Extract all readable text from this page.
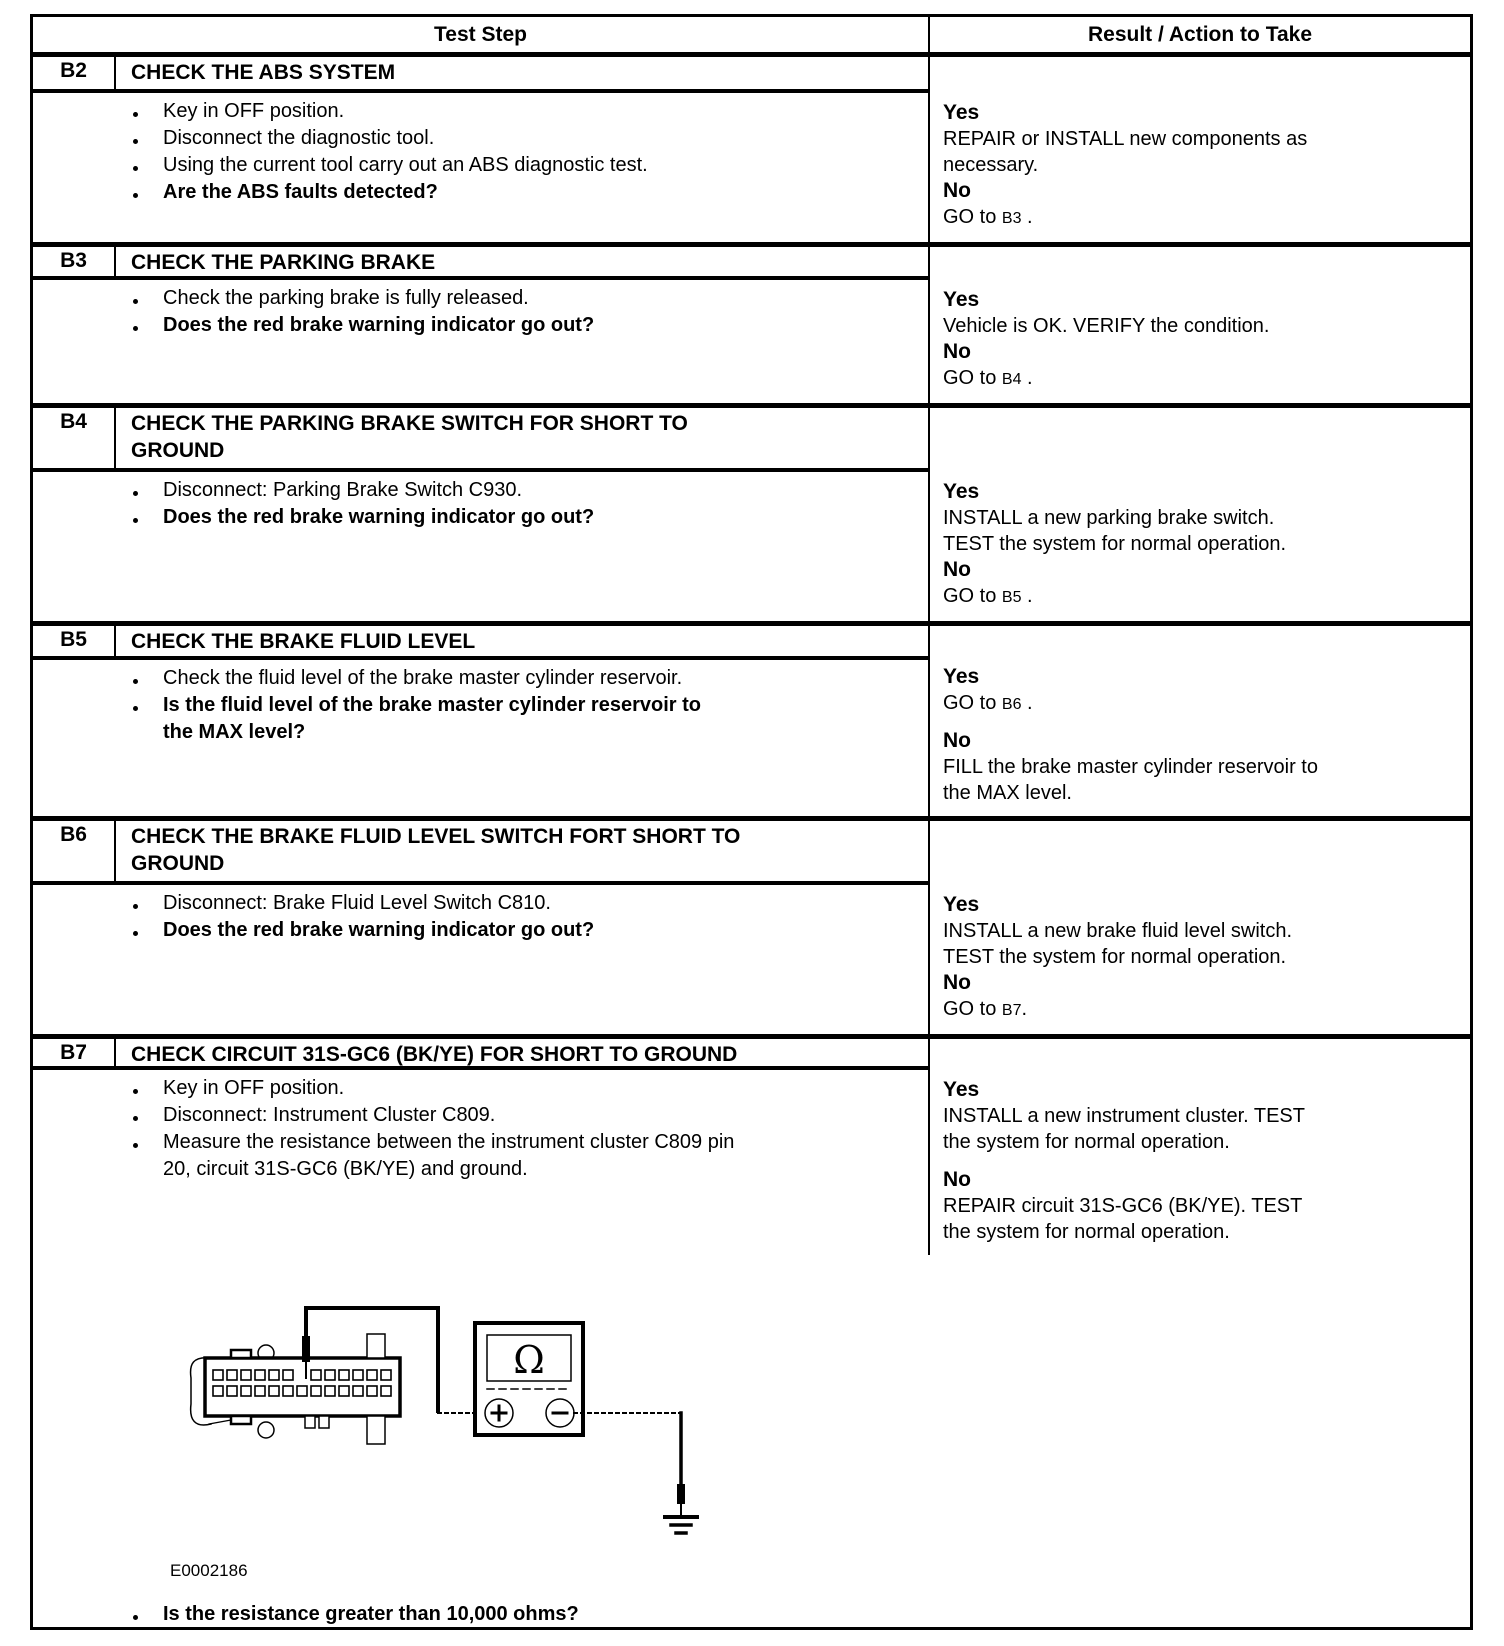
Test Step	Result / Action to Take
B2	CHECK THE ABS SYSTEM
Key in OFF position.
Disconnect the diagnostic tool.
Using the current tool carry out an ABS diagnostic test.
Are the ABS faults detected?
Yes
REPAIR or INSTALL new components as
necessary.
No
GO to B3 .
B3	CHECK THE PARKING BRAKE
Check the parking brake is fully released.
Does the red brake warning indicator go out?
Yes
Vehicle is OK. VERIFY the condition.
No
GO to B4 .
B4	CHECK THE PARKING BRAKE SWITCH FOR SHORT TO
GROUND
Disconnect: Parking Brake Switch C930.
Does the red brake warning indicator go out?
Yes
INSTALL a new parking brake switch.
TEST the system for normal operation.
No
GO to B5 .
B5	CHECK THE BRAKE FLUID LEVEL
Check the fluid level of the brake master cylinder reservoir.
Is the fluid level of the brake master cylinder reservoir to
the MAX level?
Yes
GO to B6 .
No
FILL the brake master cylinder reservoir to
the MAX level.
B6	CHECK THE BRAKE FLUID LEVEL SWITCH FORT SHORT TO
GROUND
Disconnect: Brake Fluid Level Switch C810.
Does the red brake warning indicator go out?
Yes
INSTALL a new brake fluid level switch.
TEST the system for normal operation.
No
GO to B7.
B7	CHECK CIRCUIT 31S-GC6 (BK/YE) FOR SHORT TO GROUND
Key in OFF position.
Disconnect: Instrument Cluster C809.
Measure the resistance between the instrument cluster C809 pin
20, circuit 31S-GC6 (BK/YE) and ground.
Ω
E0002186
Is the resistance greater than 10,000 ohms?
Yes
INSTALL a new instrument cluster. TEST
the system for normal operation.
No
REPAIR circuit 31S-GC6 (BK/YE). TEST
the system for normal operation.
